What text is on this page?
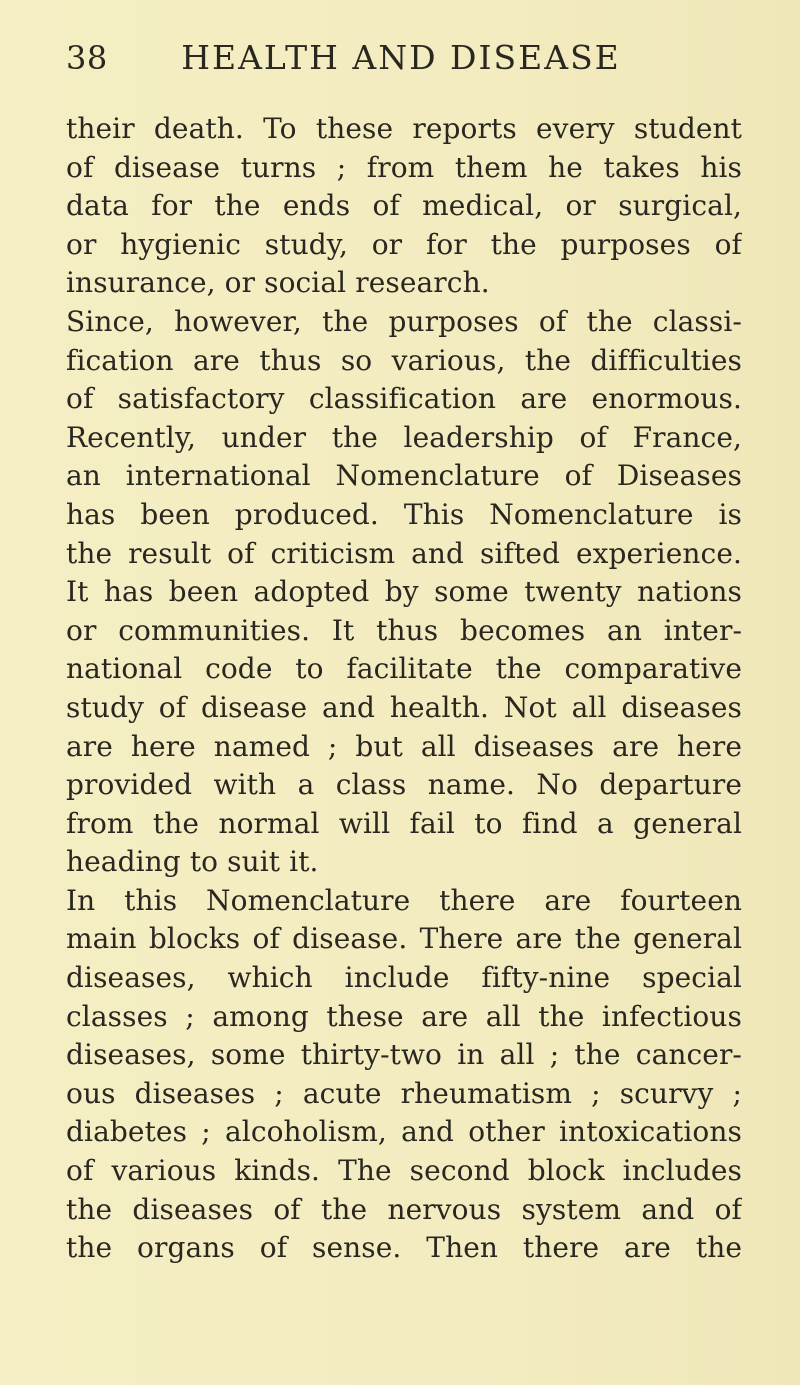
38	HEALTH AND DISEASE
their death. To these reports every student
of disease turns ; from them he takes his
data for the ends of medical, or surgical,
or hygienic study, or for the purposes of
insurance, or social research.
Since, however, the purposes of the classi-
fication are thus so various, the difficulties
of satisfactory classification are enormous.
Recently, under the leadership of France,
an international Nomenclature of Diseases
has been produced. This Nomenclature is
the result of criticism and sifted experience.
It has been adopted by some twenty nations
or communities. It thus becomes an inter-
national code to facilitate the comparative
study of disease and health. Not all diseases
are here named ; but all diseases are here
provided with a class name. No departure
from the normal will fail to find a general
heading to suit it.
In this Nomenclature there are fourteen
main blocks of disease. There are the general
diseases, which include fifty-nine special
classes ; among these are all the infectious
diseases, some thirty-two in all ; the cancer-
ous diseases ; acute rheumatism ; scurvy ;
diabetes ; alcoholism, and other intoxications
of various kinds. The second block includes
the diseases of the nervous system and of
the organs of sense. Then there are the
